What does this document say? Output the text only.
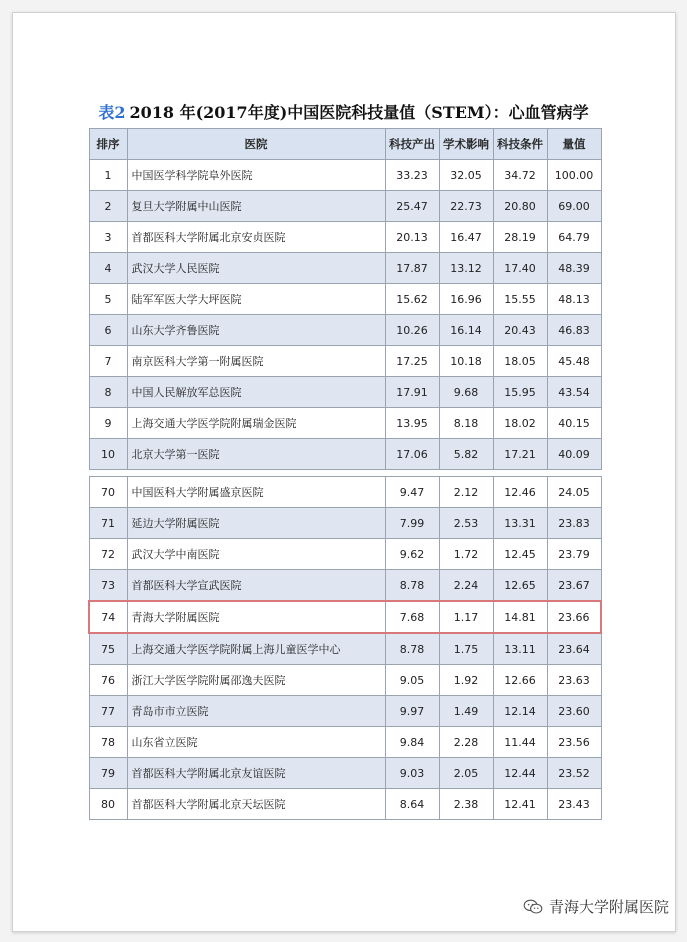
表2 2018 年(2017年度)中国医院科技量值（STEM）：心血管病学
排序	医院	科技产出	学术影响	科技条件	量值
1	中国医学科学院阜外医院	33.23	32.05	34.72	100.00
2	复旦大学附属中山医院	25.47	22.73	20.80	69.00
3	首都医科大学附属北京安贞医院	20.13	16.47	28.19	64.79
4	武汉大学人民医院	17.87	13.12	17.40	48.39
5	陆军军医大学大坪医院	15.62	16.96	15.55	48.13
6	山东大学齐鲁医院	10.26	16.14	20.43	46.83
7	南京医科大学第一附属医院	17.25	10.18	18.05	45.48
8	中国人民解放军总医院	17.91	9.68	15.95	43.54
9	上海交通大学医学院附属瑞金医院	13.95	8.18	18.02	40.15
10	北京大学第一医院	17.06	5.82	17.21	40.09

70	中国医科大学附属盛京医院	9.47	2.12	12.46	24.05
71	延边大学附属医院	7.99	2.53	13.31	23.83
72	武汉大学中南医院	9.62	1.72	12.45	23.79
73	首都医科大学宣武医院	8.78	2.24	12.65	23.67
74	青海大学附属医院	7.68	1.17	14.81	23.66
75	上海交通大学医学院附属上海儿童医学中心	8.78	1.75	13.11	23.64
76	浙江大学医学院附属邵逸夫医院	9.05	1.92	12.66	23.63
77	青岛市市立医院	9.97	1.49	12.14	23.60
78	山东省立医院	9.84	2.28	11.44	23.56
79	首都医科大学附属北京友谊医院	9.03	2.05	12.44	23.52
80	首都医科大学附属北京天坛医院	8.64	2.38	12.41	23.43
青海大学附属医院
